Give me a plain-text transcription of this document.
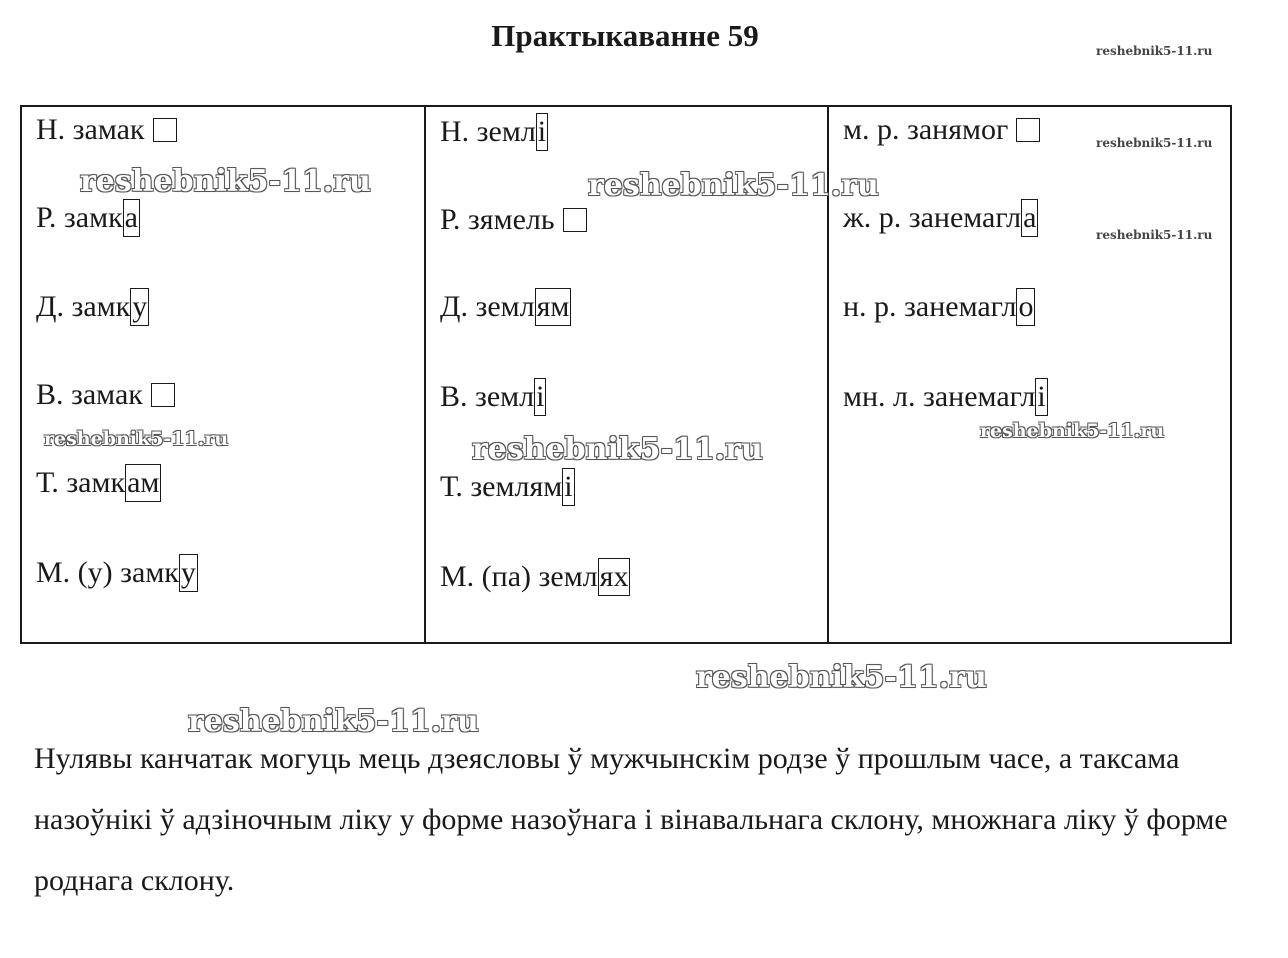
Практыкаванне 59
Н. замак
Р. замка
Д. замку
В. замак
Т. замкам
М. (у) замку
Н. землі
Р. зямель
Д. землям
В. землі
Т. землямі
М. (па) землях
м. р. занямог
ж. р. занемагла
н. р. занемагло
мн. л. занемаглі
Нулявы канчатак могуць мець дзеясловы ў мужчынскім родзе ў прошлым часе, а таксама назоўнікі ў адзіночным ліку у форме назоўнага і вінавальнага склону, множнага ліку ў форме роднага склону.
reshebnik5-11.ru
reshebnik5-11.ru
reshebnik5-11.ru
reshebnik5-11.ru	reshebnik5-11.ru
reshebnik5-11.ru	reshebnik5-11.ru
reshebnik5-11.ru
reshebnik5-11.ru
reshebnik5-11.ru
